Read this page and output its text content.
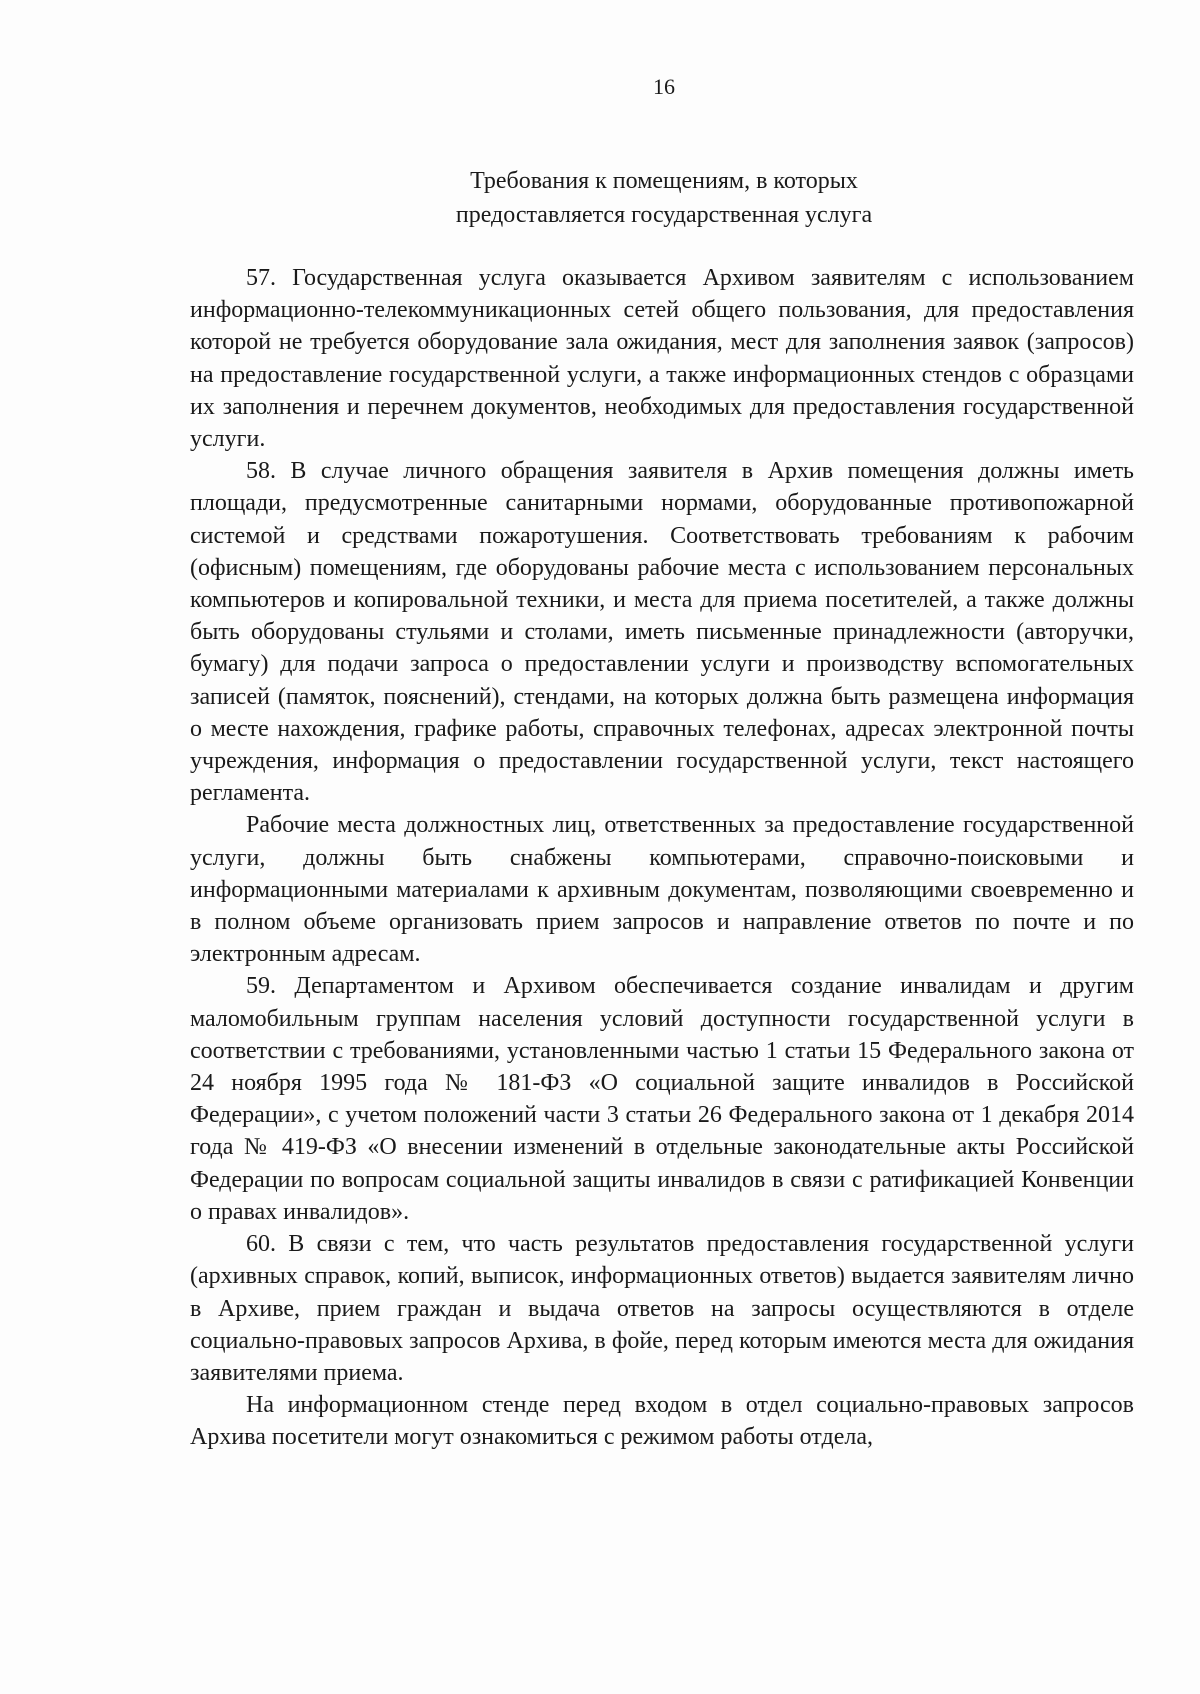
16
Требования к помещениям, в которых
предоставляется государственная услуга

57. Государственная услуга оказывается Архивом заявителям с использованием информационно-телекоммуникационных сетей общего пользования, для предоставления которой не требуется оборудование зала ожидания, мест для заполнения заявок (запросов) на предоставление государственной услуги, а также информационных стендов с образцами их заполнения и перечнем документов, необходимых для предоставления государственной услуги.

58. В случае личного обращения заявителя в Архив помещения должны иметь площади, предусмотренные санитарными нормами, оборудованные противопожарной системой и средствами пожаротушения. Соответствовать требованиям к рабочим (офисным) помещениям, где оборудованы рабочие места с использованием персональных компьютеров и копировальной техники, и места для приема посетителей, а также должны быть оборудованы стульями и столами, иметь письменные принадлежности (авторучки, бумагу) для подачи запроса о предоставлении услуги и производству вспомогательных записей (памяток, пояснений), стендами, на которых должна быть размещена информация о месте нахождения, графике работы, справочных телефонах, адресах электронной почты учреждения, информация о предоставлении государственной услуги, текст настоящего регламента.

Рабочие места должностных лиц, ответственных за предоставление государственной услуги, должны быть снабжены компьютерами, справочно-поисковыми и информационными материалами к архивным документам, позволяющими своевременно и в полном объеме организовать прием запросов и направление ответов по почте и по электронным адресам.

59. Департаментом и Архивом обеспечивается создание инвалидам и другим маломобильным группам населения условий доступности государственной услуги в соответствии с требованиями, установленными частью 1 статьи 15 Федерального закона от 24 ноября 1995 года № 181-ФЗ «О социальной защите инвалидов в Российской Федерации», с учетом положений части 3 статьи 26 Федерального закона от 1 декабря 2014 года № 419-ФЗ «О внесении изменений в отдельные законодательные акты Российской Федерации по вопросам социальной защиты инвалидов в связи с ратификацией Конвенции о правах инвалидов».

60. В связи с тем, что часть результатов предоставления государственной услуги (архивных справок, копий, выписок, информационных ответов) выдается заявителям лично в Архиве, прием граждан и выдача ответов на запросы осуществляются в отделе социально-правовых запросов Архива, в фойе, перед которым имеются места для ожидания заявителями приема.

На информационном стенде перед входом в отдел социально-правовых запросов Архива посетители могут ознакомиться с режимом работы отдела,
